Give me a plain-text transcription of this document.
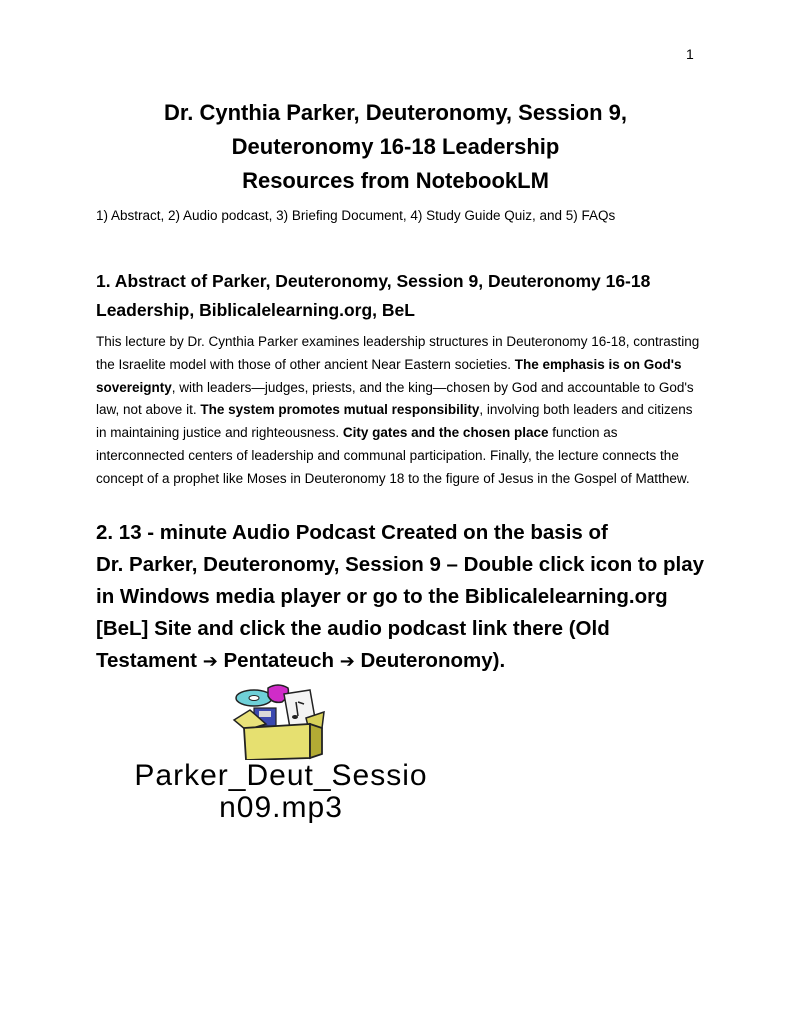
1
Dr. Cynthia Parker, Deuteronomy, Session 9,
Deuteronomy 16-18 Leadership
Resources from NotebookLM
1) Abstract, 2) Audio podcast, 3) Briefing Document, 4) Study Guide Quiz, and 5) FAQs
1. Abstract of Parker, Deuteronomy, Session 9, Deuteronomy 16-18
Leadership, Biblicalelearning.org, BeL

This lecture by Dr. Cynthia Parker examines leadership structures in Deuteronomy 16-18, contrasting the Israelite model with those of other ancient Near Eastern societies. The emphasis is on God's sovereignty, with leaders—judges, priests, and the king—chosen by God and accountable to God's law, not above it. The system promotes mutual responsibility, involving both leaders and citizens in maintaining justice and righteousness. City gates and the chosen place function as interconnected centers of leadership and communal participation. Finally, the lecture connects the concept of a prophet like Moses in Deuteronomy 18 to the figure of Jesus in the Gospel of Matthew.

2. 13 - minute Audio Podcast Created on the basis of
Dr. Parker, Deuteronomy, Session 9 – Double click icon to play
in Windows media player or go to the Biblicalelearning.org
[BeL] Site and click the audio podcast link there (Old
Testament ➔ Pentateuch ➔ Deuteronomy).
Parker_Deut_Sessio
n09.mp3
